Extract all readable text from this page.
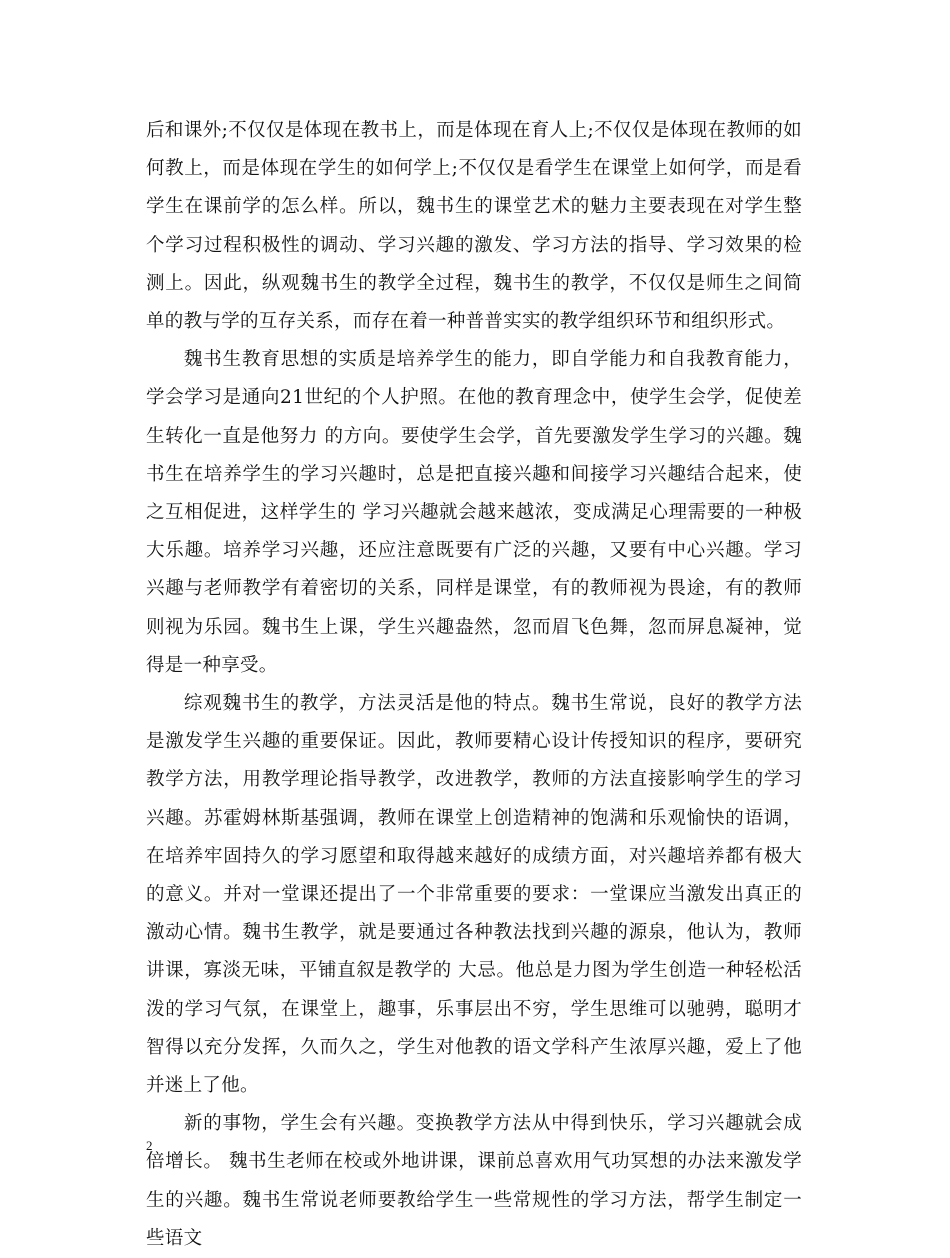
后和课外;不仅仅是体现在教书上，而是体现在育人上;不仅仅是体现在教师的如何教上，而是体现在学生的如何学上;不仅仅是看学生在课堂上如何学，而是看学生在课前学的怎么样。所以，魏书生的课堂艺术的魅力主要表现在对学生整个学习过程积极性的调动、学习兴趣的激发、学习方法的指导、学习效果的检测上。因此，纵观魏书生的教学全过程，魏书生的教学，不仅仅是师生之间简单的教与学的互存关系，而存在着一种普普实实的教学组织环节和组织形式。

魏书生教育思想的实质是培养学生的能力，即自学能力和自我教育能力，学会学习是通向21世纪的个人护照。在他的教育理念中，使学生会学，促使差生转化一直是他努力 的方向。要使学生会学，首先要激发学生学习的兴趣。魏书生在培养学生的学习兴趣时，总是把直接兴趣和间接学习兴趣结合起来，使之互相促进，这样学生的 学习兴趣就会越来越浓，变成满足心理需要的一种极大乐趣。培养学习兴趣，还应注意既要有广泛的兴趣，又要有中心兴趣。学习兴趣与老师教学有着密切的关系，同样是课堂，有的教师视为畏途，有的教师则视为乐园。魏书生上课，学生兴趣盎然，忽而眉飞色舞，忽而屏息凝神，觉得是一种享受。

综观魏书生的教学，方法灵活是他的特点。魏书生常说，良好的教学方法是激发学生兴趣的重要保证。因此，教师要精心设计传授知识的程序，要研究教学方法，用教学理论指导教学，改进教学，教师的方法直接影响学生的学习兴趣。苏霍姆林斯基强调，教师在课堂上创造精神的饱满和乐观愉快的语调，在培养牢固持久的学习愿望和取得越来越好的成绩方面，对兴趣培养都有极大的意义。并对一堂课还提出了一个非常重要的要求：一堂课应当激发出真正的激动心情。魏书生教学，就是要通过各种教法找到兴趣的源泉，他认为，教师讲课，寡淡无味，平铺直叙是教学的 大忌。他总是力图为学生创造一种轻松活泼的学习气氛，在课堂上，趣事，乐事层出不穷，学生思维可以驰骋，聪明才智得以充分发挥，久而久之，学生对他教的语文学科产生浓厚兴趣，爱上了他并迷上了他。

新的事物，学生会有兴趣。变换教学方法从中得到快乐，学习兴趣就会成倍增长。 魏书生老师在校或外地讲课，课前总喜欢用气功冥想的办法来激发学生的兴趣。魏书生常说老师要教给学生一些常规性的学习方法，帮学生制定一些语文

2
